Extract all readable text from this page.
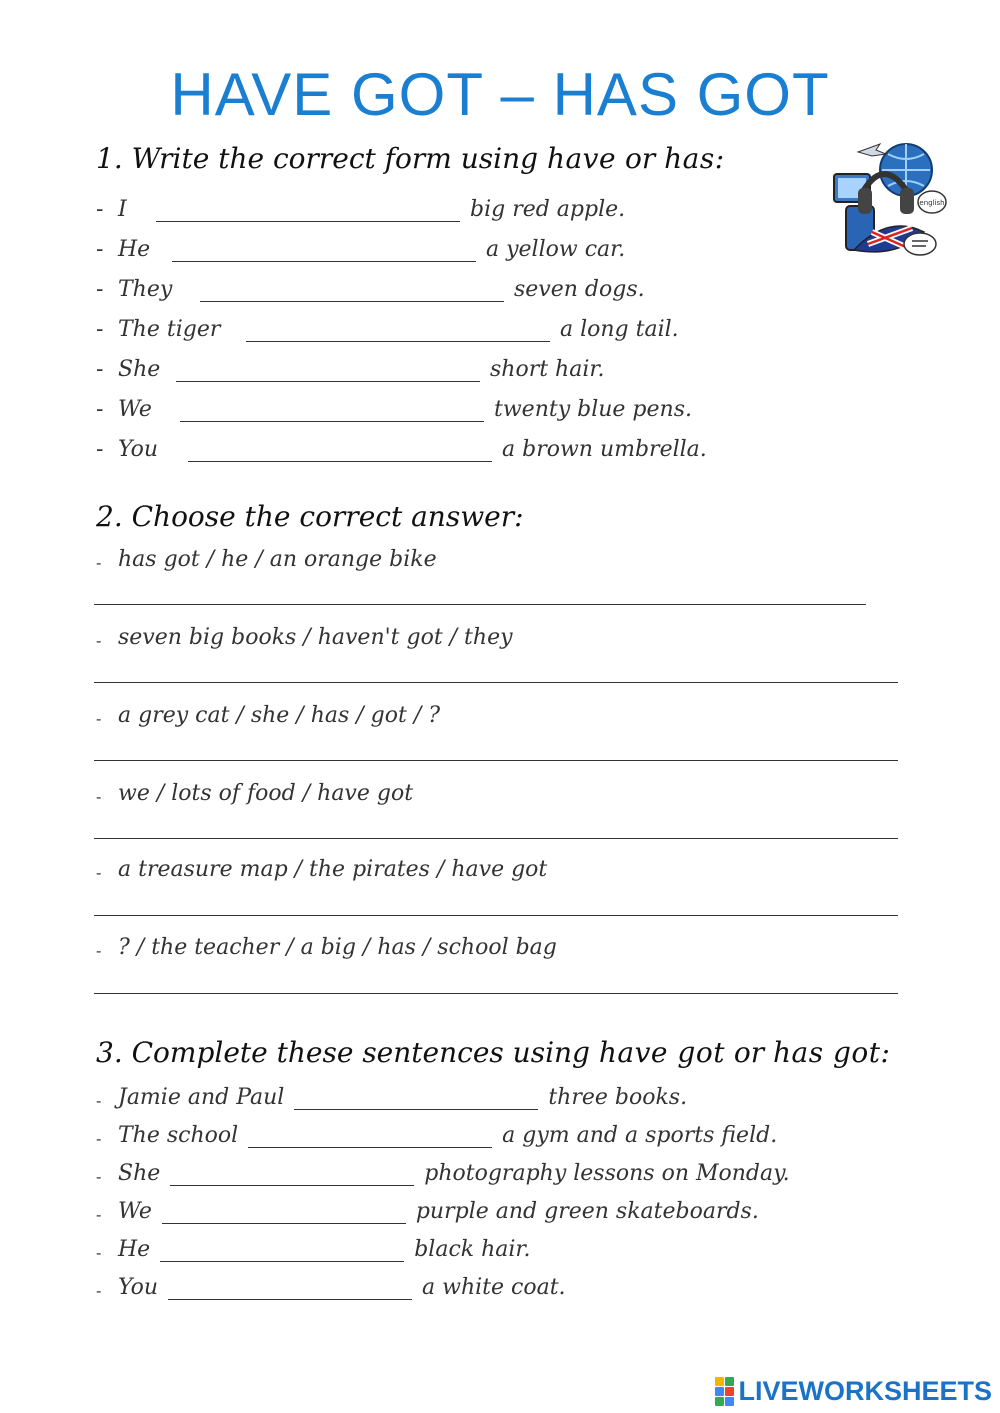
HAVE GOT – HAS GOT
english
1. Write the correct form using have or has:
- I	big red apple.
- He	a yellow car.
- They	seven dogs.
- The tiger	a long tail.
- She	short hair.
- We	twenty blue pens.
- You	a brown umbrella.
2. Choose the correct answer:
- has got / he / an orange bike
- seven big books / haven't got / they
- a grey cat / she / has / got / ?
- we / lots of food / have got
- a treasure map / the pirates / have got
- ? / the teacher / a big / has / school bag
3. Complete these sentences using have got or has got:
- Jamie and Paul	three books.
- The school	a gym and a sports field.
- She	photography lessons on Monday.
- We	purple and green skateboards.
- He	black hair.
- You	a white coat.
LIVEWORKSHEETS
